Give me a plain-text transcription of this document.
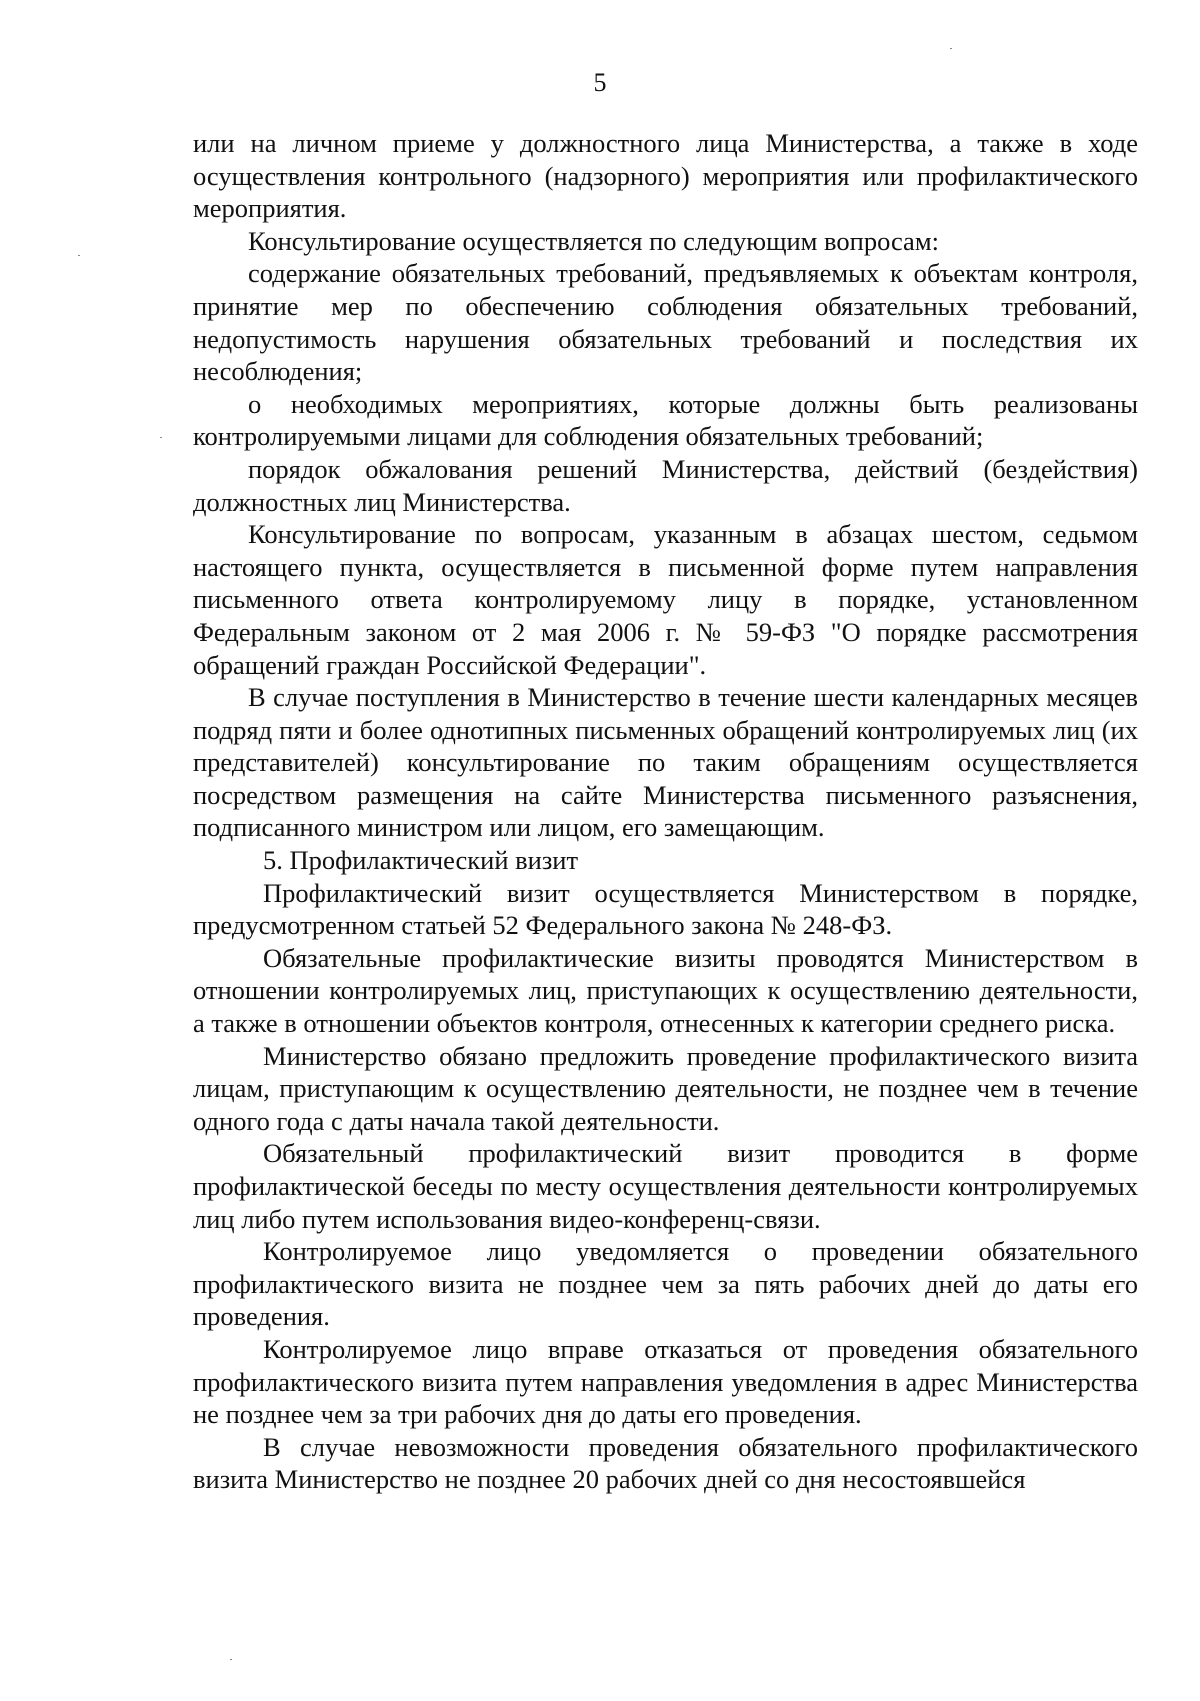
5

или на личном приеме у должностного лица Министерства, а также в ходе осуществления контрольного (надзорного) мероприятия или профилактического мероприятия.

Консультирование осуществляется по следующим вопросам:

содержание обязательных требований, предъявляемых к объектам контроля, принятие мер по обеспечению соблюдения обязательных требований, недопустимость нарушения обязательных требований и последствия их несоблюдения;

о необходимых мероприятиях, которые должны быть реализованы контролируемыми лицами для соблюдения обязательных требований;

порядок обжалования решений Министерства, действий (бездействия) должностных лиц Министерства.

Консультирование по вопросам, указанным в абзацах шестом, седьмом настоящего пункта, осуществляется в письменной форме путем направления письменного ответа контролируемому лицу в порядке, установленном Федеральным законом от 2 мая 2006 г. № 59-ФЗ "О порядке рассмотрения обращений граждан Российской Федерации".

В случае поступления в Министерство в течение шести календарных месяцев подряд пяти и более однотипных письменных обращений контролируемых лиц (их представителей) консультирование по таким обращениям осуществляется посредством размещения на сайте Министерства письменного разъяснения, подписанного министром или лицом, его замещающим.

5. Профилактический визит

Профилактический визит осуществляется Министерством в порядке, предусмотренном статьей 52 Федерального закона № 248-ФЗ.

Обязательные профилактические визиты проводятся Министерством в отношении контролируемых лиц, приступающих к осуществлению деятельности, а также в отношении объектов контроля, отнесенных к категории среднего риска.

Министерство обязано предложить проведение профилактического визита лицам, приступающим к осуществлению деятельности, не позднее чем в течение одного года с даты начала такой деятельности.

Обязательный профилактический визит проводится в форме профилактической беседы по месту осуществления деятельности контролируемых лиц либо путем использования видео-конференц-связи.

Контролируемое лицо уведомляется о проведении обязательного профилактического визита не позднее чем за пять рабочих дней до даты его проведения.

Контролируемое лицо вправе отказаться от проведения обязательного профилактического визита путем направления уведомления в адрес Министерства не позднее чем за три рабочих дня до даты его проведения.

В случае невозможности проведения обязательного профилактического визита Министерство не позднее 20 рабочих дней со дня несостоявшейся
